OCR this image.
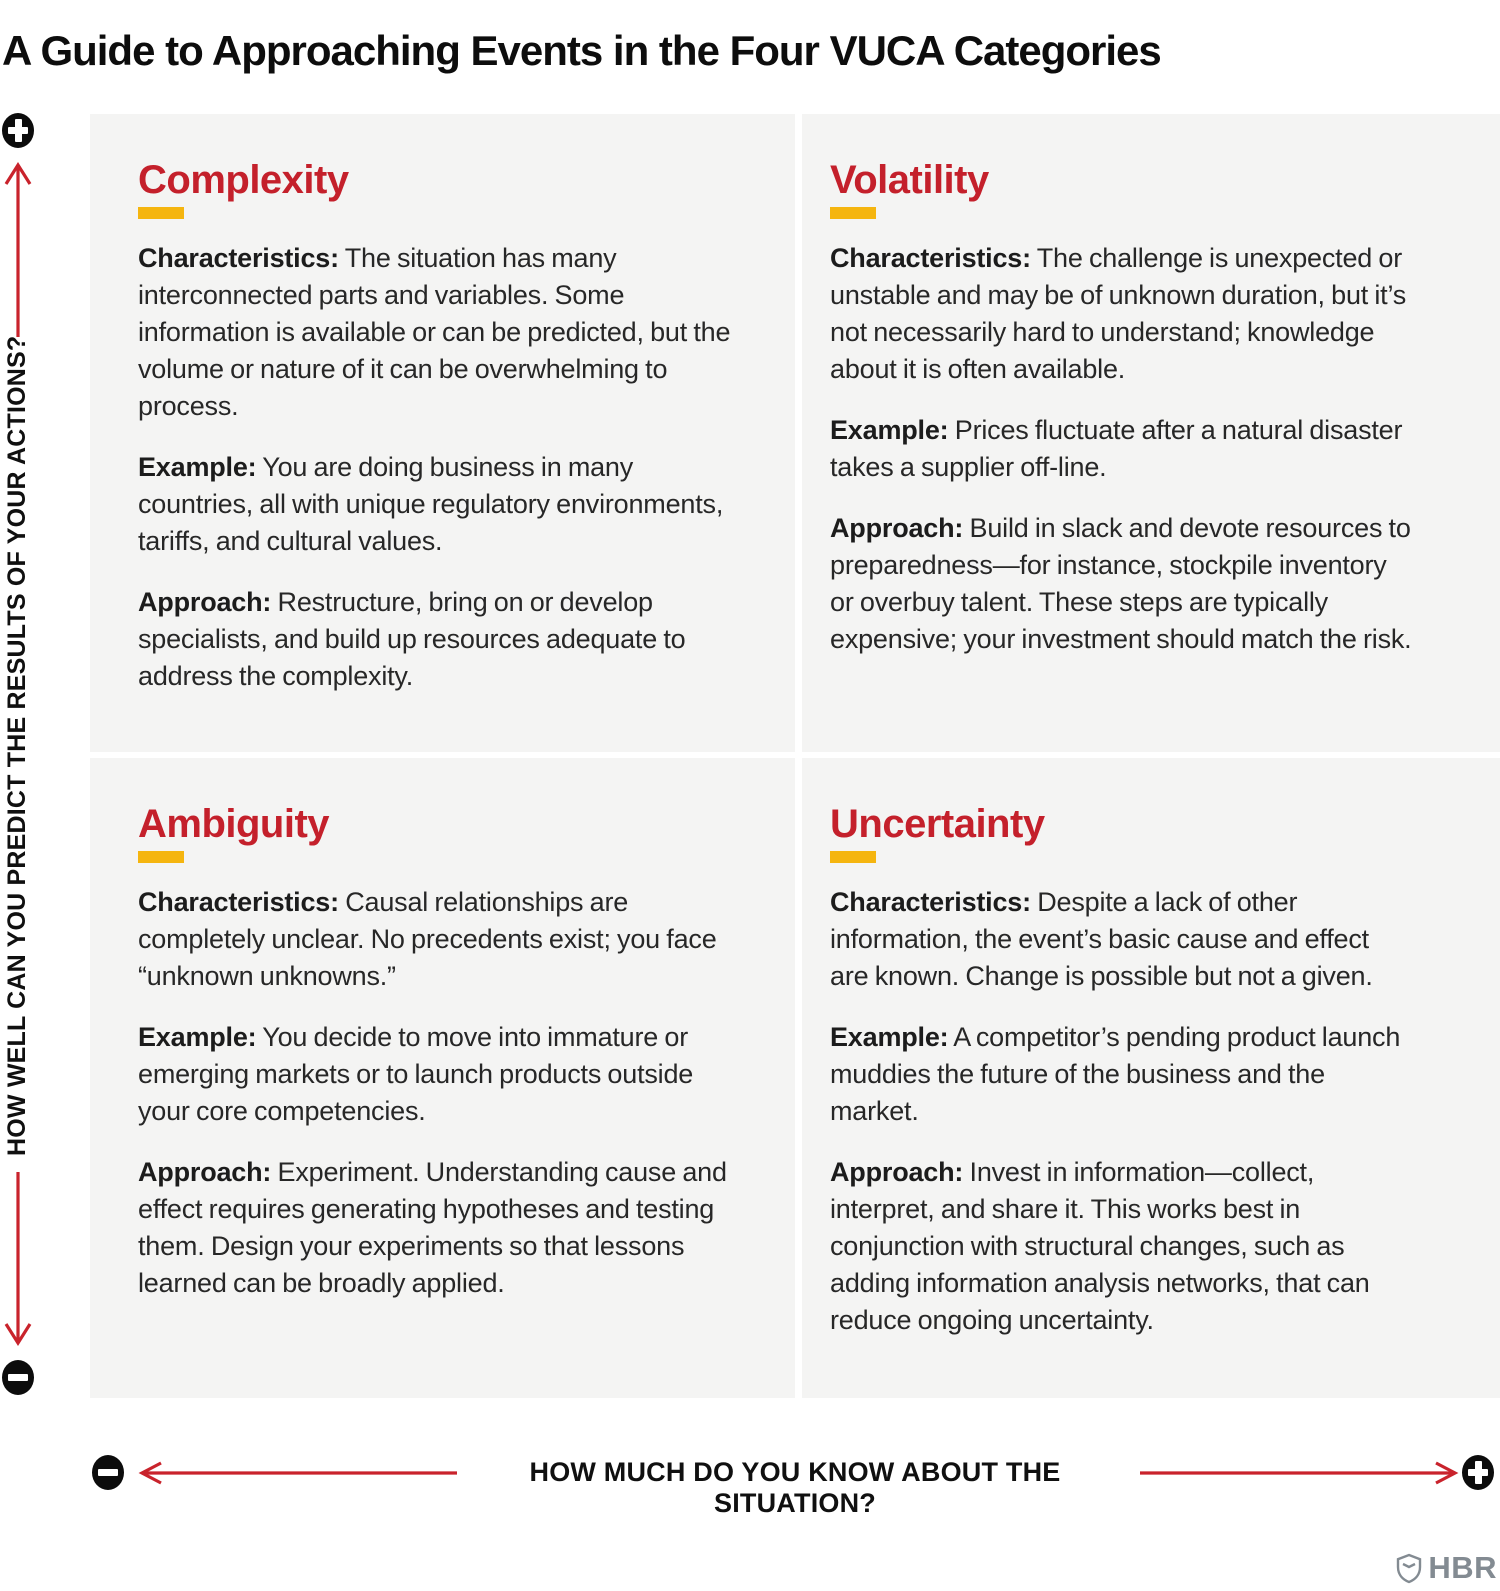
A Guide to Approaching Events in the Four VUCA Categories
HOW WELL CAN YOU PREDICT THE RESULTS OF YOUR ACTIONS?
Complexity

Characteristics: The situation has many interconnected parts and variables. Some information is available or can be predicted, but the volume or nature of it can be overwhelming to process.

Example: You are doing business in many countries, all with unique regulatory environments, tariffs, and cultural values.

Approach: Restructure, bring on or develop specialists, and build up resources adequate to address the complexity.

Volatility

Characteristics: The challenge is unexpected or unstable and may be of unknown duration, but it’s not necessarily hard to understand; knowledge about it is often available.

Example: Prices fluctuate after a natural disaster takes a supplier off-line.

Approach: Build in slack and devote resources to preparedness—for instance, stockpile inventory or overbuy talent. These steps are typically expensive; your investment should match the risk.

Ambiguity

Characteristics: Causal relationships are completely unclear. No precedents exist; you face “unknown unknowns.”

Example: You decide to move into immature or emerging markets or to launch products outside your core competencies.

Approach: Experiment. Understanding cause and effect requires generating hypotheses and testing them. Design your experiments so that lessons learned can be broadly applied.

Uncertainty

Characteristics: Despite a lack of other information, the event’s basic cause and effect are known. Change is possible but not a given.

Example: A competitor’s pending product launch muddies the future of the business and the market.

Approach: Invest in information—collect, interpret, and share it. This works best in conjunction with structural changes, such as adding information analysis networks, that can reduce ongoing uncertainty.

HOW MUCH DO YOU KNOW ABOUT THE SITUATION?
HBR
